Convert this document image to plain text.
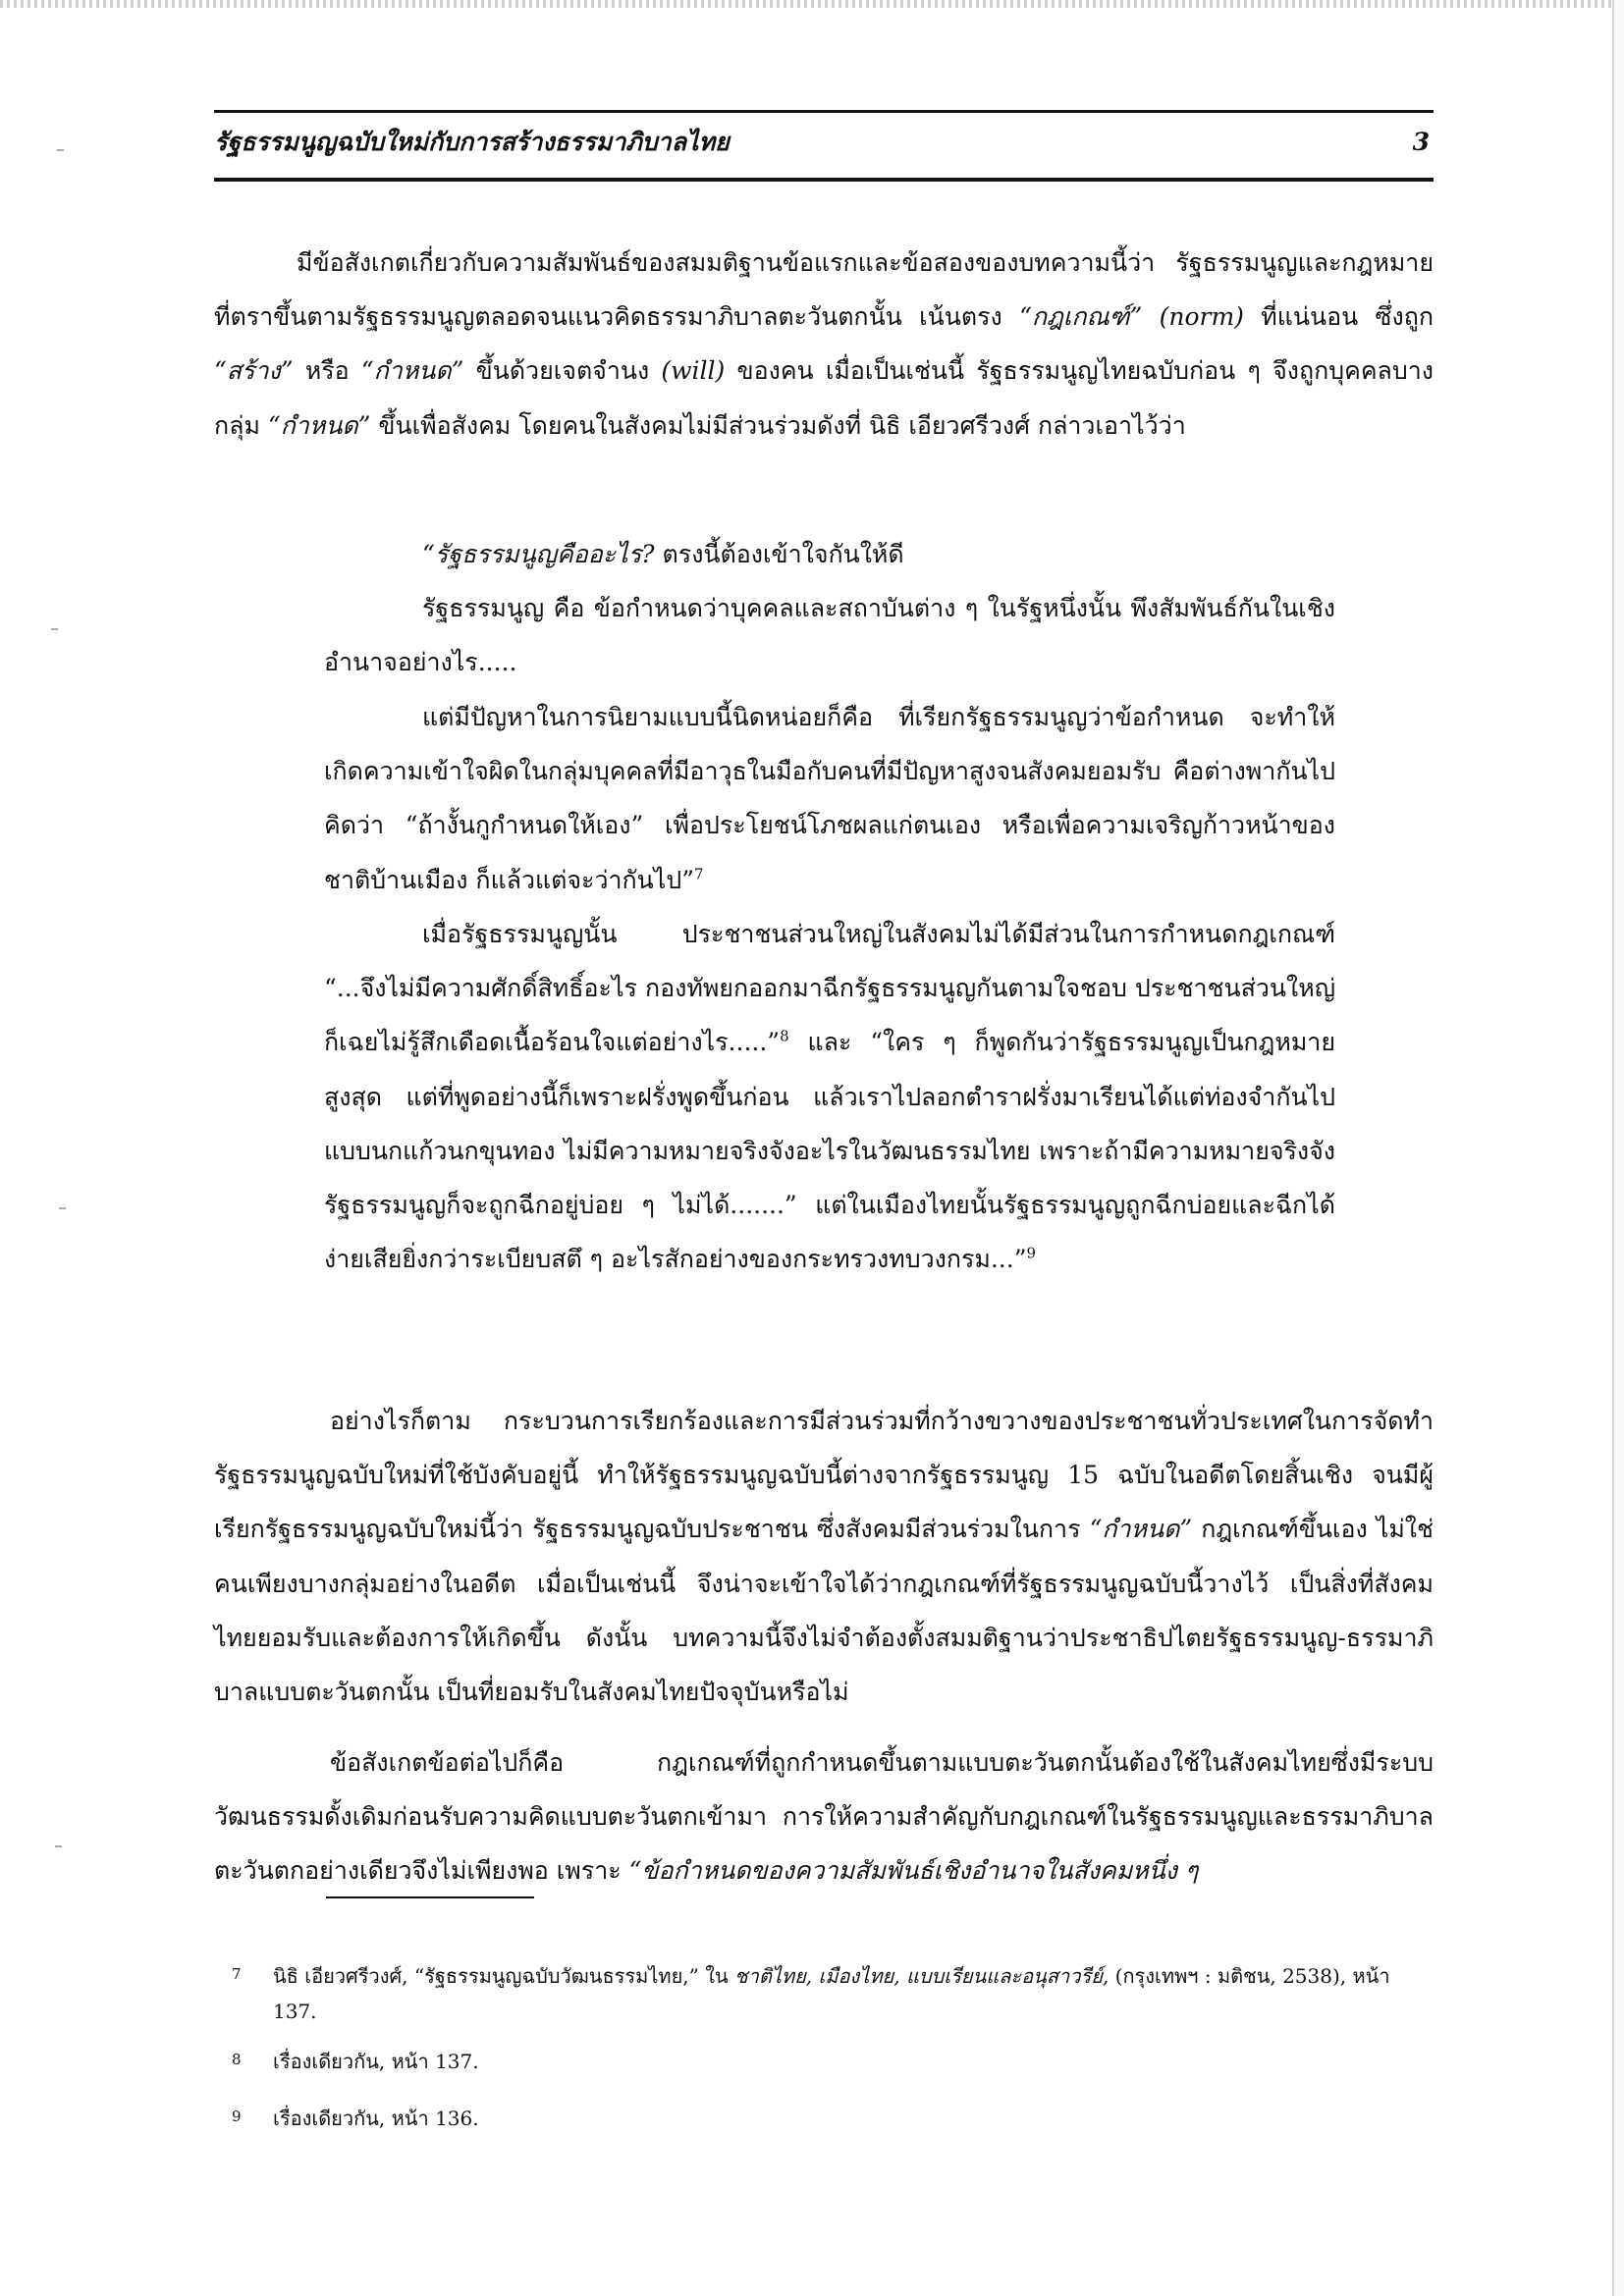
รัฐธรรมนูญฉบับใหม่กับการสร้างธรรมาภิบาลไทย	3

มีข้อสังเกตเกี่ยวกับความสัมพันธ์ของสมมติฐานข้อแรกและข้อสองของบทความนี้ว่า รัฐธรรมนูญและกฎหมายที่ตราขึ้นตามรัฐธรรมนูญตลอดจนแนวคิดธรรมาภิบาลตะวันตกนั้น เน้นตรง “กฎเกณฑ์” (norm) ที่แน่นอน ซึ่งถูก “สร้าง” หรือ “กำหนด” ขึ้นด้วยเจตจำนง (will) ของคน เมื่อเป็นเช่นนี้ รัฐธรรมนูญไทยฉบับก่อน ๆ จึงถูกบุคคลบางกลุ่ม “กำหนด” ขึ้นเพื่อสังคม โดยคนในสังคมไม่มีส่วนร่วมดังที่ นิธิ เอียวศรีวงศ์ กล่าวเอาไว้ว่า

“รัฐธรรมนูญคืออะไร? ตรงนี้ต้องเข้าใจกันให้ดี

รัฐธรรมนูญ คือ ข้อกำหนดว่าบุคคลและสถาบันต่าง ๆ ในรัฐหนึ่งนั้น พึงสัมพันธ์กันในเชิงอำนาจอย่างไร.....

แต่มีปัญหาในการนิยามแบบนี้นิดหน่อยก็คือ ที่เรียกรัฐธรรมนูญว่าข้อกำหนด จะทำให้เกิดความเข้าใจผิดในกลุ่มบุคคลที่มีอาวุธในมือกับคนที่มีปัญหาสูงจนสังคมยอมรับ คือต่างพากันไปคิดว่า “ถ้างั้นกูกำหนดให้เอง” เพื่อประโยชน์โภชผลแก่ตนเอง หรือเพื่อความเจริญก้าวหน้าของชาติบ้านเมือง ก็แล้วแต่จะว่ากันไป”$^7$

เมื่อรัฐธรรมนูญนั้น ประชาชนส่วนใหญ่ในสังคมไม่ได้มีส่วนในการกำหนดกฎเกณฑ์ “...จึงไม่มีความศักดิ์สิทธิ์อะไร กองทัพยกออกมาฉีกรัฐธรรมนูญกันตามใจชอบ ประชาชนส่วนใหญ่ก็เฉยไม่รู้สึกเดือดเนื้อร้อนใจแต่อย่างไร.....”$^8$ และ “ใคร ๆ ก็พูดกันว่ารัฐธรรมนูญเป็นกฎหมายสูงสุด แต่ที่พูดอย่างนี้ก็เพราะฝรั่งพูดขึ้นก่อน แล้วเราไปลอกตำราฝรั่งมาเรียนได้แต่ท่องจำกันไปแบบนกแก้วนกขุนทอง ไม่มีความหมายจริงจังอะไรในวัฒนธรรมไทย เพราะถ้ามีความหมายจริงจัง รัฐธรรมนูญก็จะถูกฉีกอยู่บ่อย ๆ ไม่ได้.......” แต่ในเมืองไทยนั้นรัฐธรรมนูญถูกฉีกบ่อยและฉีกได้ง่ายเสียยิ่งกว่าระเบียบสตึ ๆ อะไรสักอย่างของกระทรวงทบวงกรม...”$^9$

อย่างไรก็ตาม กระบวนการเรียกร้องและการมีส่วนร่วมที่กว้างขวางของประชาชนทั่วประเทศในการจัดทำรัฐธรรมนูญฉบับใหม่ที่ใช้บังคับอยู่นี้ ทำให้รัฐธรรมนูญฉบับนี้ต่างจากรัฐธรรมนูญ 15 ฉบับในอดีตโดยสิ้นเชิง จนมีผู้เรียกรัฐธรรมนูญฉบับใหม่นี้ว่า รัฐธรรมนูญฉบับประชาชน ซึ่งสังคมมีส่วนร่วมในการ “กำหนด” กฎเกณฑ์ขึ้นเอง ไม่ใช่คนเพียงบางกลุ่มอย่างในอดีต เมื่อเป็นเช่นนี้ จึงน่าจะเข้าใจได้ว่ากฎเกณฑ์ที่รัฐธรรมนูญฉบับนี้วางไว้ เป็นสิ่งที่สังคมไทยยอมรับและต้องการให้เกิดขึ้น ดังนั้น บทความนี้จึงไม่จำต้องตั้งสมมติฐานว่าประชาธิปไตยรัฐธรรมนูญ-ธรรมาภิบาลแบบตะวันตกนั้น เป็นที่ยอมรับในสังคมไทยปัจจุบันหรือไม่

ข้อสังเกตข้อต่อไปก็คือ กฎเกณฑ์ที่ถูกกำหนดขึ้นตามแบบตะวันตกนั้นต้องใช้ในสังคมไทยซึ่งมีระบบวัฒนธรรมดั้งเดิมก่อนรับความคิดแบบตะวันตกเข้ามา การให้ความสำคัญกับกฎเกณฑ์ในรัฐธรรมนูญและธรรมาภิบาลตะวันตกอย่างเดียวจึงไม่เพียงพอ เพราะ “ข้อกำหนดของความสัมพันธ์เชิงอำนาจในสังคมหนึ่ง ๆ

7 นิธิ เอียวศรีวงศ์, “รัฐธรรมนูญฉบับวัฒนธรรมไทย,” ใน ชาติไทย, เมืองไทย, แบบเรียนและอนุสาวรีย์, (กรุงเทพฯ : มติชน, 2538), หน้า 137.
8 เรื่องเดียวกัน, หน้า 137.
9 เรื่องเดียวกัน, หน้า 136.
